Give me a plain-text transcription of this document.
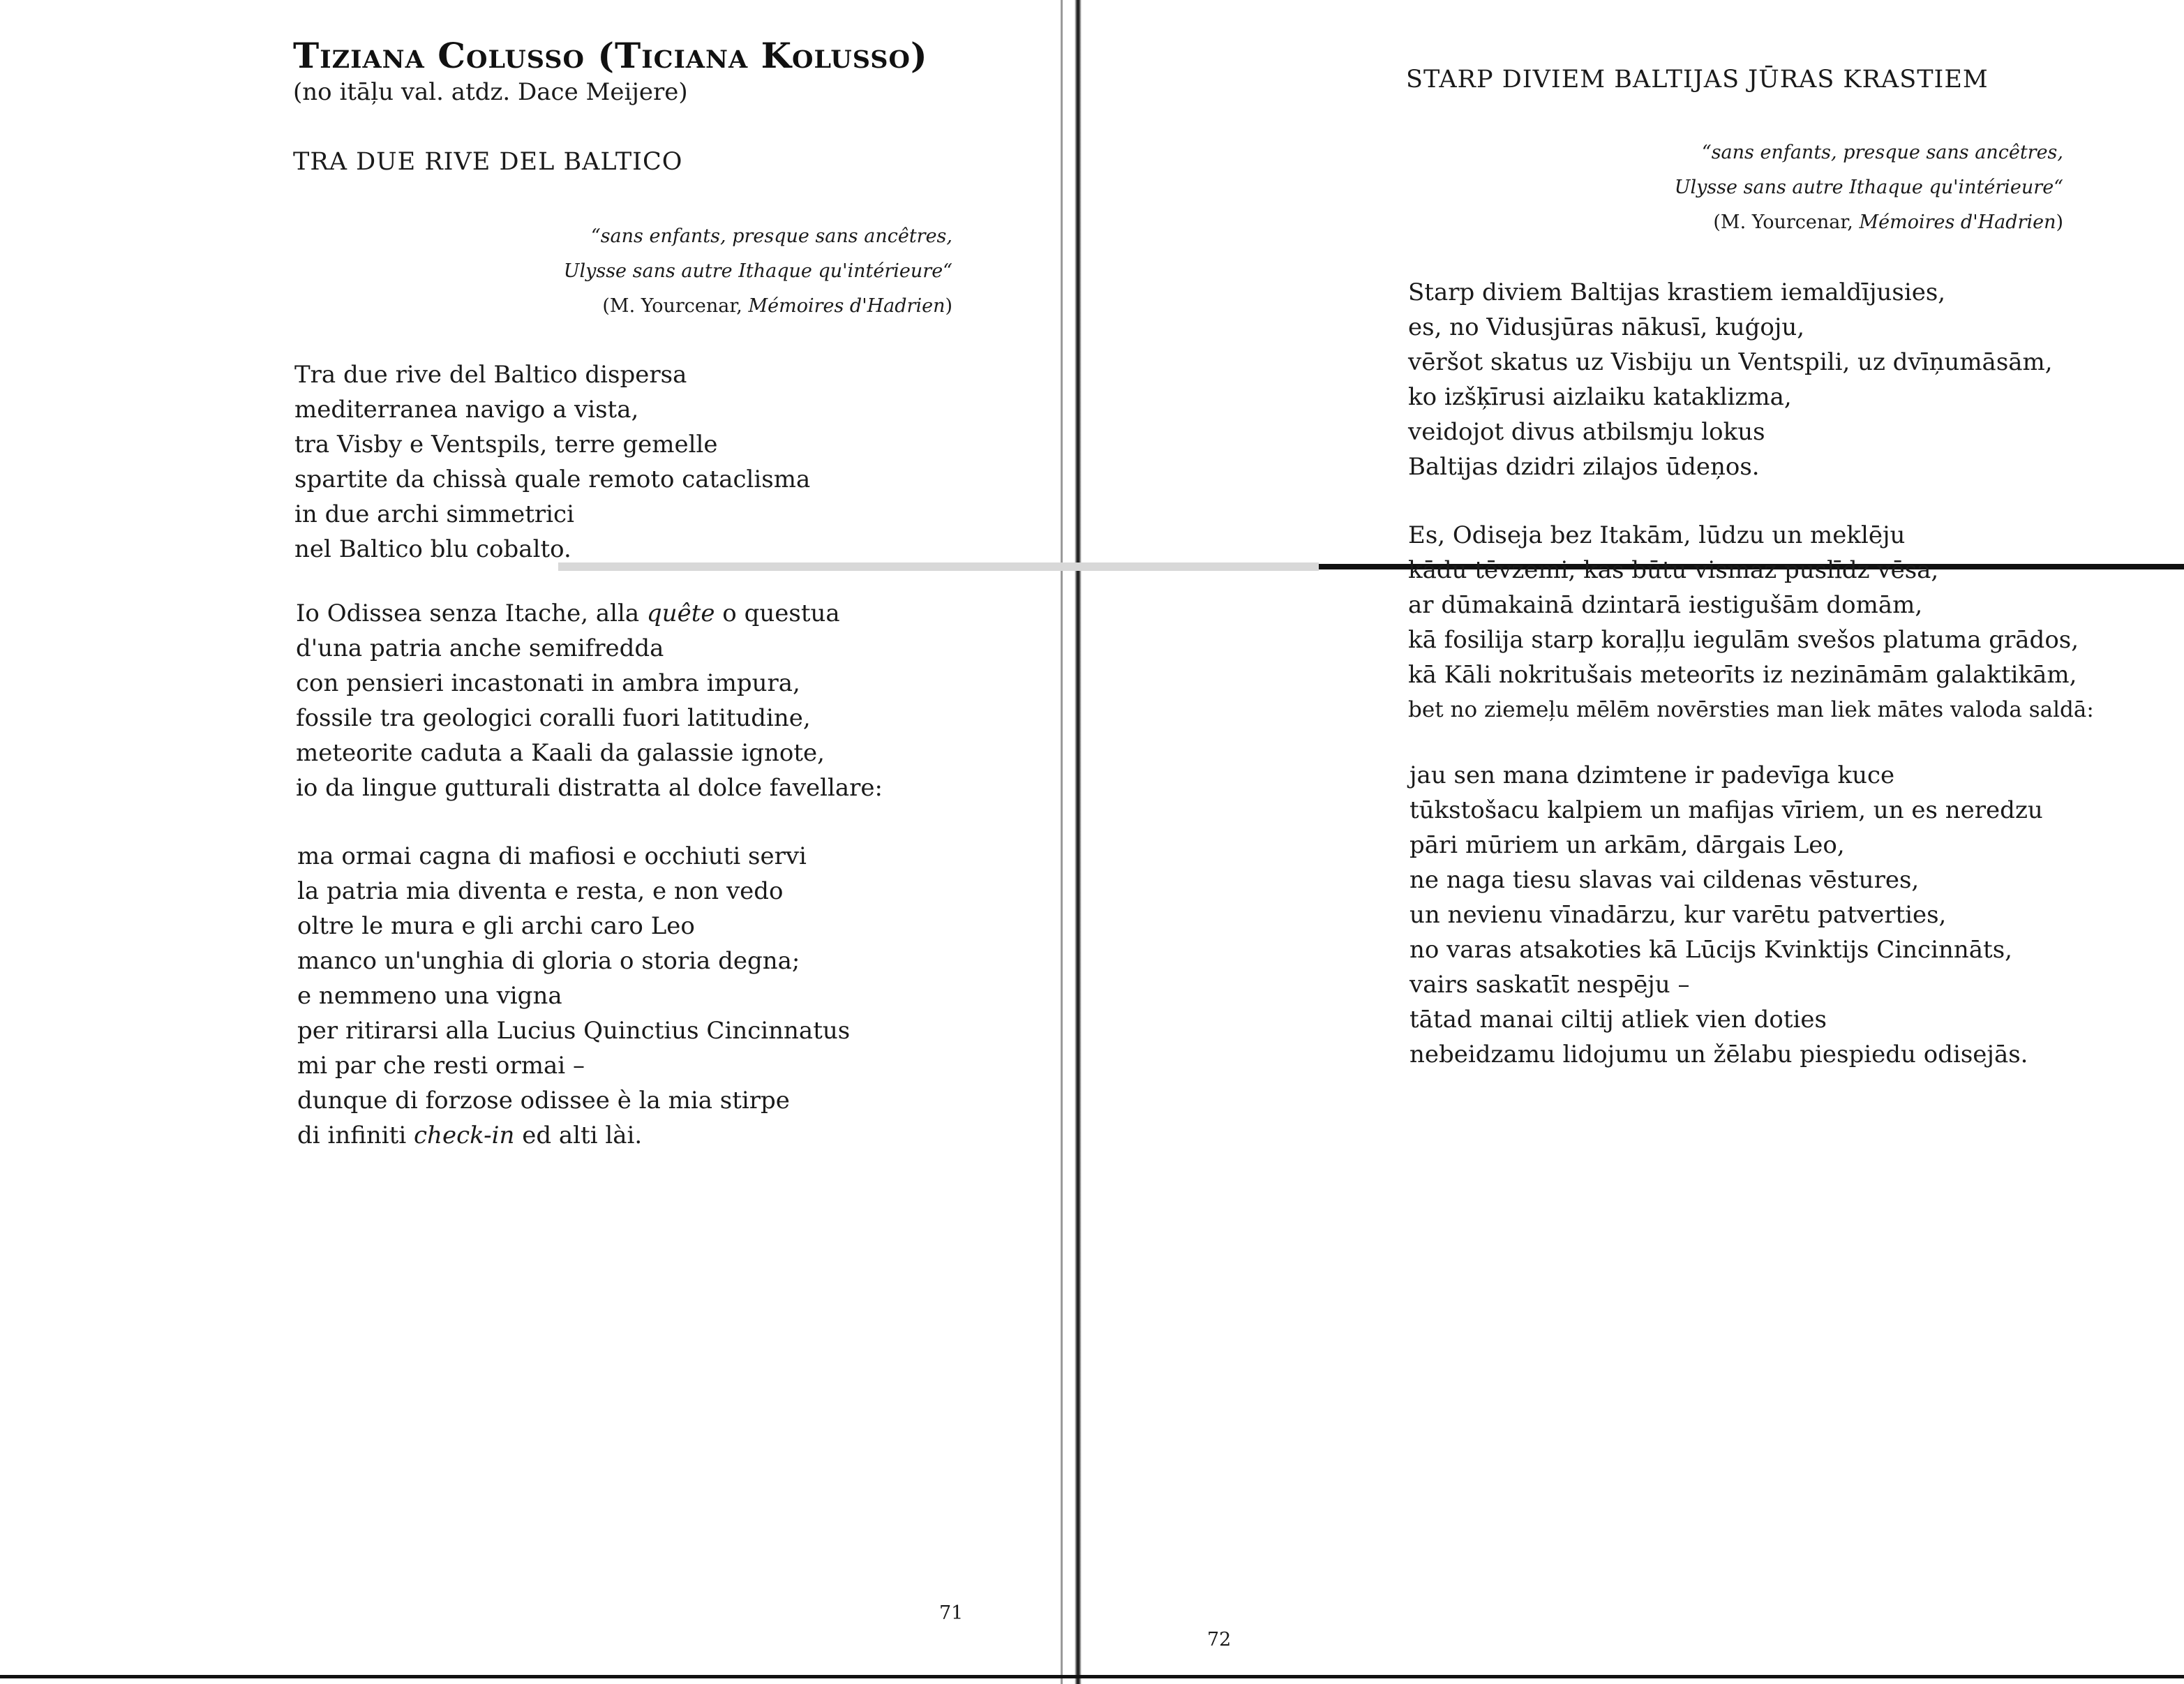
Tiziana Colusso (Ticiana Kolusso)
(no itāļu val. atdz. Dace Meijere)
TRA DUE RIVE DEL BALTICO
“sans enfants, presque sans ancêtres,
Ulysse sans autre Ithaque qu'intérieure“
(M. Yourcenar, Mémoires d'Hadrien)
Tra due rive del Baltico dispersa
mediterranea navigo a vista,
tra Visby e Ventspils, terre gemelle
spartite da chissà quale remoto cataclisma
in due archi simmetrici
nel Baltico blu cobalto.
Io Odissea senza Itache, alla quête o questua
d'una patria anche semifredda
con pensieri incastonati in ambra impura,
fossile tra geologici coralli fuori latitudine,
meteorite caduta a Kaali da galassie ignote,
io da lingue gutturali distratta al dolce favellare:
ma ormai cagna di mafiosi e occhiuti servi
la patria mia diventa e resta, e non vedo
oltre le mura e gli archi caro Leo
manco un'unghia di gloria o storia degna;
e nemmeno una vigna
per ritirarsi alla Lucius Quinctius Cincinnatus
mi par che resti ormai –
dunque di forzose odissee è la mia stirpe
di infiniti check-in ed alti lài.
71
STARP DIVIEM BALTIJAS JŪRAS KRASTIEM
“sans enfants, presque sans ancêtres,
Ulysse sans autre Ithaque qu'intérieure“
(M. Yourcenar, Mémoires d'Hadrien)
Starp diviem Baltijas krastiem iemaldījusies,
es, no Vidusjūras nākusī, kuģoju,
vēršot skatus uz Visbiju un Ventspili, uz dvīņumāsām,
ko izšķīrusi aizlaiku kataklizma,
veidojot divus atbilsmju lokus
Baltijas dzidri zilajos ūdeņos.
Es, Odiseja bez Itakām, lūdzu un meklēju
kādu tēvzemi, kas būtu vismaz puslīdz vēsa,
ar dūmakainā dzintarā iestigušām domām,
kā fosilija starp koraļļu iegulām svešos platuma grādos,
kā Kāli nokritušais meteorīts iz nezināmām galaktikām,
bet no ziemeļu mēlēm novērsties man liek mātes valoda saldā:
jau sen mana dzimtene ir padevīga kuce
tūkstošacu kalpiem un mafijas vīriem, un es neredzu
pāri mūriem un arkām, dārgais Leo,
ne naga tiesu slavas vai cildenas vēstures,
un nevienu vīnadārzu, kur varētu patverties,
no varas atsakoties kā Lūcijs Kvinktijs Cincinnāts,
vairs saskatīt nespēju –
tātad manai ciltij atliek vien doties
nebeidzamu lidojumu un žēlabu piespiedu odisejās.
72
